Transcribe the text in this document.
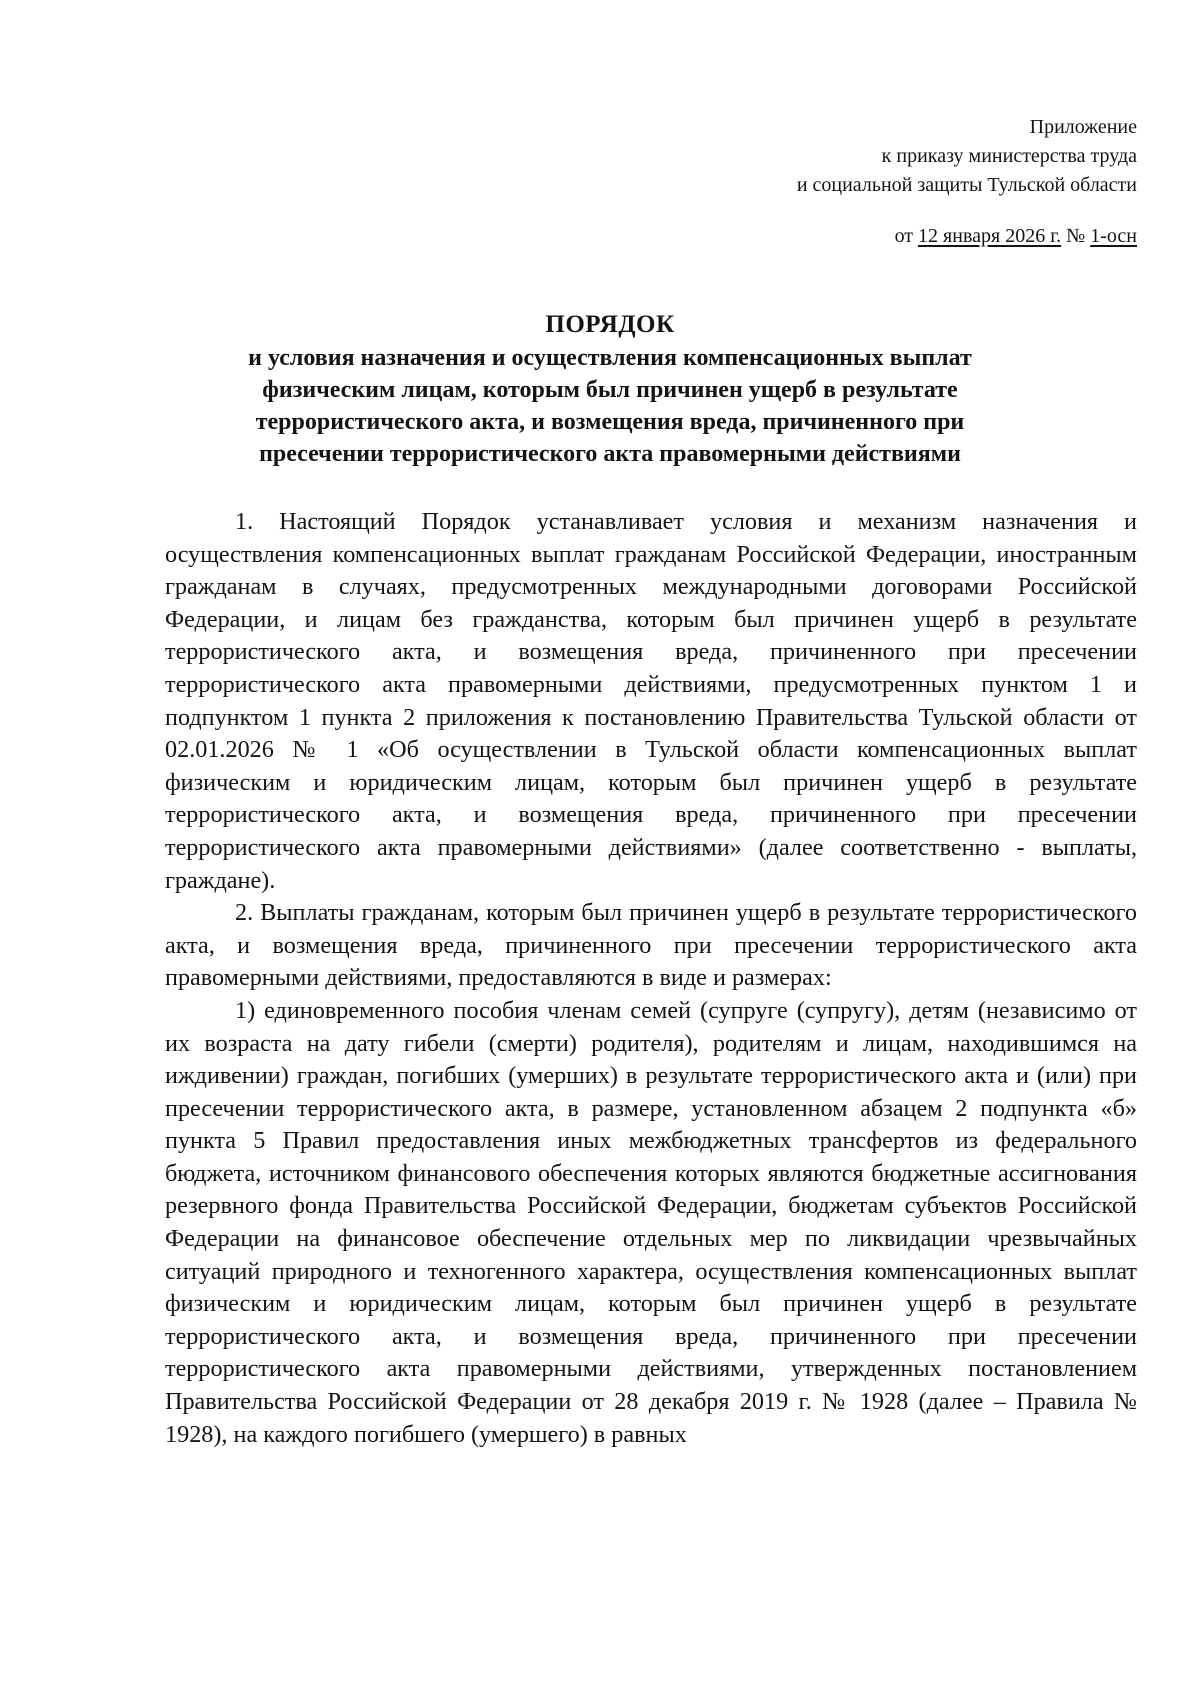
Приложение
к приказу министерства труда
и социальной защиты Тульской области
от 12 января 2026 г. № 1-осн
ПОРЯДОК
и условия назначения и осуществления компенсационных выплат
физическим лицам, которым был причинен ущерб в результате
террористического акта, и возмещения вреда, причиненного при
пресечении террористического акта правомерными действиями

1. Настоящий Порядок устанавливает условия и механизм назначения и осуществления компенсационных выплат гражданам Российской Федерации, иностранным гражданам в случаях, предусмотренных международными договорами Российской Федерации, и лицам без гражданства, которым был причинен ущерб в результате террористического акта, и возмещения вреда, причиненного при пресечении террористического акта правомерными действиями, предусмотренных пунктом 1 и подпунктом 1 пункта 2 приложения к постановлению Правительства Тульской области от 02.01.2026 № 1 «Об осуществлении в Тульской области компенсационных выплат физическим и юридическим лицам, которым был причинен ущерб в результате террористического акта, и возмещения вреда, причиненного при пресечении террористического акта правомерными действиями» (далее соответственно - выплаты, граждане).

2. Выплаты гражданам, которым был причинен ущерб в результате террористического акта, и возмещения вреда, причиненного при пресечении террористического акта правомерными действиями, предоставляются в виде и размерах:

1) единовременного пособия членам семей (супруге (супругу), детям (независимо от их возраста на дату гибели (смерти) родителя), родителям и лицам, находившимся на иждивении) граждан, погибших (умерших) в результате террористического акта и (или) при пресечении террористического акта, в размере, установленном абзацем 2 подпункта «б» пункта 5 Правил предоставления иных межбюджетных трансфертов из федерального бюджета, источником финансового обеспечения которых являются бюджетные ассигнования резервного фонда Правительства Российской Федерации, бюджетам субъектов Российской Федерации на финансовое обеспечение отдельных мер по ликвидации чрезвычайных ситуаций природного и техногенного характера, осуществления компенсационных выплат физическим и юридическим лицам, которым был причинен ущерб в результате террористического акта, и возмещения вреда, причиненного при пресечении террористического акта правомерными действиями, утвержденных постановлением Правительства Российской Федерации от 28 декабря 2019 г. № 1928 (далее – Правила № 1928), на каждого погибшего (умершего) в равных
